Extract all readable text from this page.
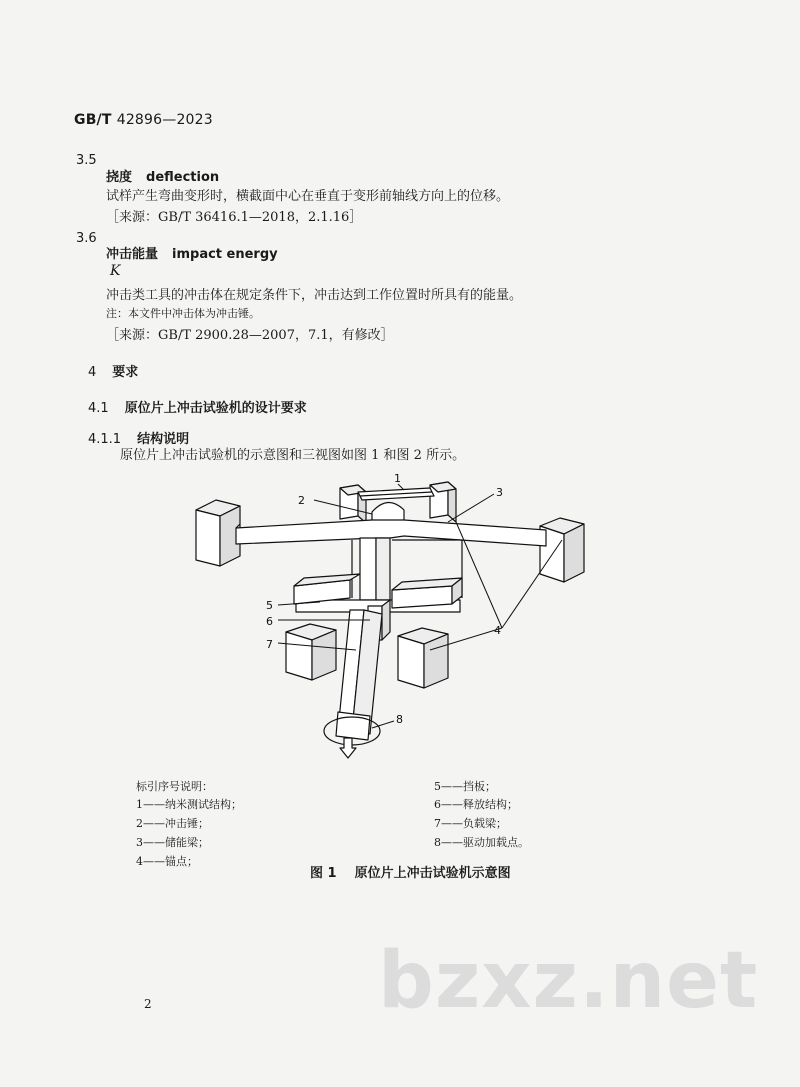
GB/T 42896—2023
3.5
挠度 deflection
试样产生弯曲变形时，横截面中心在垂直于变形前轴线方向上的位移。
［来源：GB/T 36416.1—2018，2.1.16］
3.6
冲击能量 impact energy
K
冲击类工具的冲击体在规定条件下，冲击达到工作位置时所具有的能量。
注：本文件中冲击体为冲击锤。
［来源：GB/T 2900.28—2007，7.1，有修改］
4 要求
4.1 原位片上冲击试验机的设计要求
4.1.1 结构说明
原位片上冲击试验机的示意图和三视图如图 1 和图 2 所示。
1
2
3
4
5
6
7
8
标引序号说明：
1——纳米测试结构；
2——冲击锤；
3——储能梁；
4——锚点；
5——挡板；
6——释放结构；
7——负载梁；
8——驱动加载点。
图 1 原位片上冲击试验机示意图
bzxz.net
2
